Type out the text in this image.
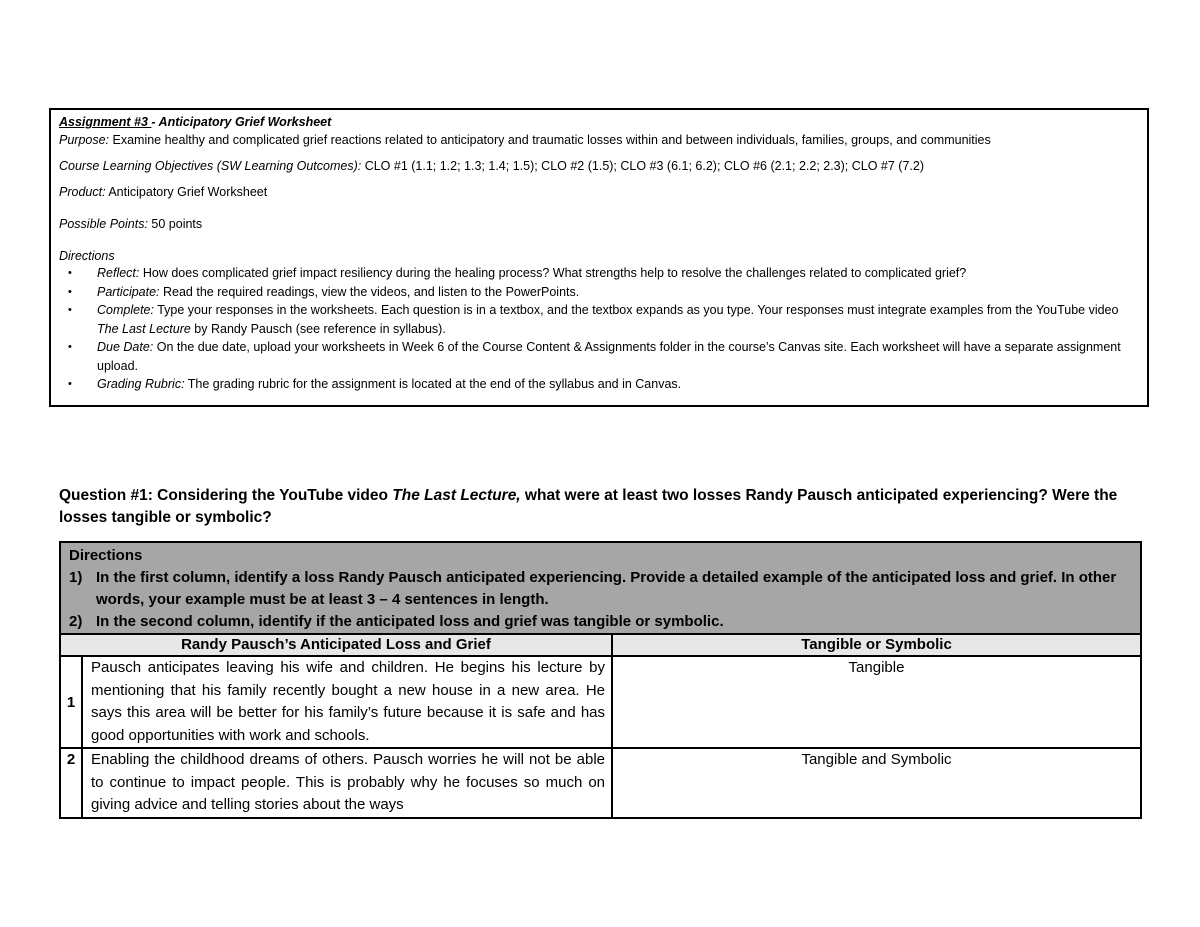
Assignment #3 - Anticipatory Grief Worksheet
Purpose: Examine healthy and complicated grief reactions related to anticipatory and traumatic losses within and between individuals, families, groups, and communities
Course Learning Objectives (SW Learning Outcomes): CLO #1 (1.1; 1.2; 1.3; 1.4; 1.5); CLO #2 (1.5); CLO #3 (6.1; 6.2); CLO #6 (2.1; 2.2; 2.3); CLO #7 (7.2)
Product: Anticipatory Grief Worksheet
Possible Points: 50 points
Directions
• Reflect: How does complicated grief impact resiliency during the healing process? What strengths help to resolve the challenges related to complicated grief?
• Participate: Read the required readings, view the videos, and listen to the PowerPoints.
• Complete: Type your responses in the worksheets. Each question is in a textbox, and the textbox expands as you type. Your responses must integrate examples from the YouTube video The Last Lecture by Randy Pausch (see reference in syllabus).
• Due Date: On the due date, upload your worksheets in Week 6 of the Course Content & Assignments folder in the course’s Canvas site. Each worksheet will have a separate assignment upload.
• Grading Rubric: The grading rubric for the assignment is located at the end of the syllabus and in Canvas.
Question #1: Considering the YouTube video The Last Lecture, what were at least two losses Randy Pausch anticipated experiencing? Were the losses tangible or symbolic?
Directions
1) In the first column, identify a loss Randy Pausch anticipated experiencing. Provide a detailed example of the anticipated loss and grief. In other words, your example must be at least 3 – 4 sentences in length.
2) In the second column, identify if the anticipated loss and grief was tangible or symbolic.		

Randy Pausch’s Anticipated Loss and Grief		Tangible or Symbolic
1	Pausch anticipates leaving his wife and children. He begins his lecture by mentioning that his family recently bought a new house in a new area. He says this area will be better for his family’s future because it is safe and has good opportunities with work and schools.	Tangible
2	Enabling the childhood dreams of others. Pausch worries he will not be able to continue to impact people. This is probably why he focuses so much on giving advice and telling stories about the ways	Tangible and Symbolic
